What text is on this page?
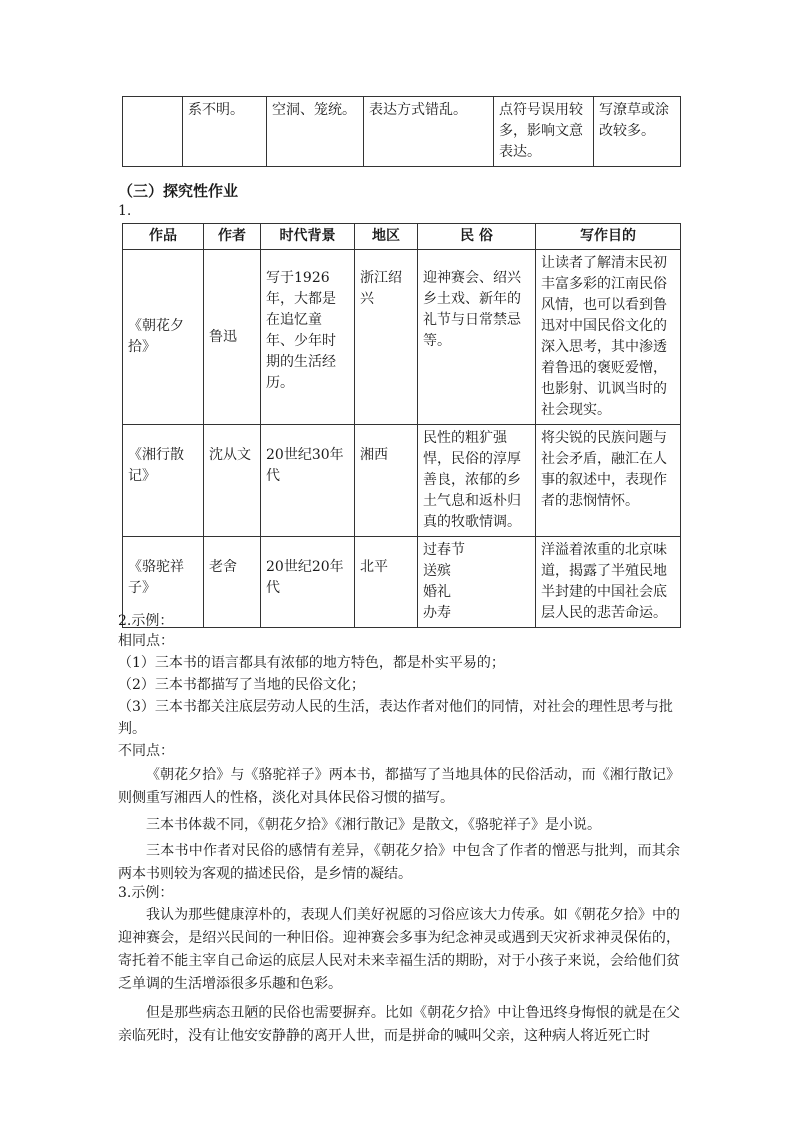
	系不明。	空洞、笼统。	表达方式错乱。	点符号误用较多，影响文意表达。	写潦草或涂改较多。
（三）探究性作业
1.
作品	作者	时代背景	地区	民 俗	写作目的
《朝花夕拾》	鲁迅	写于1926年，大都是在追忆童年、少年时期的生活经历。	浙江绍兴	迎神赛会、绍兴乡土戏、新年的礼节与日常禁忌等。	让读者了解清末民初丰富多彩的江南民俗风情，也可以看到鲁迅对中国民俗文化的深入思考，其中渗透着鲁迅的褒贬爱憎，也影射、讥讽当时的社会现实。
《湘行散记》	沈从文	20世纪30年代	湘西	民性的粗犷强悍，民俗的淳厚善良，浓郁的乡土气息和返朴归真的牧歌情调。	将尖锐的民族问题与社会矛盾，融汇在人事的叙述中，表现作者的悲悯情怀。
《骆驼祥子》	老舍	20世纪20年代	北平	过春节
送殡
婚礼
办寿	洋溢着浓重的北京味道，揭露了半殖民地半封建的中国社会底层人民的悲苦命运。
2.示例：
相同点：
（1）三本书的语言都具有浓郁的地方特色，都是朴实平易的；
（2）三本书都描写了当地的民俗文化；
（3）三本书都关注底层劳动人民的生活，表达作者对他们的同情，对社会的理性思考与批判。
不同点：
《朝花夕拾》与《骆驼祥子》两本书，都描写了当地具体的民俗活动，而《湘行散记》则侧重写湘西人的性格，淡化对具体民俗习惯的描写。
三本书体裁不同，《朝花夕拾》《湘行散记》是散文，《骆驼祥子》是小说。
三本书中作者对民俗的感情有差异，《朝花夕拾》中包含了作者的憎恶与批判，而其余两本书则较为客观的描述民俗，是乡情的凝结。
3.示例：
我认为那些健康淳朴的，表现人们美好祝愿的习俗应该大力传承。如《朝花夕拾》中的迎神赛会，是绍兴民间的一种旧俗。迎神赛会多事为纪念神灵或遇到天灾祈求神灵保佑的，寄托着不能主宰自己命运的底层人民对未来幸福生活的期盼，对于小孩子来说，会给他们贫乏单调的生活增添很多乐趣和色彩。
但是那些病态丑陋的民俗也需要摒弃。比如《朝花夕拾》中让鲁迅终身悔恨的就是在父亲临死时，没有让他安安静静的离开人世，而是拼命的喊叫父亲，这种病人将近死亡时
